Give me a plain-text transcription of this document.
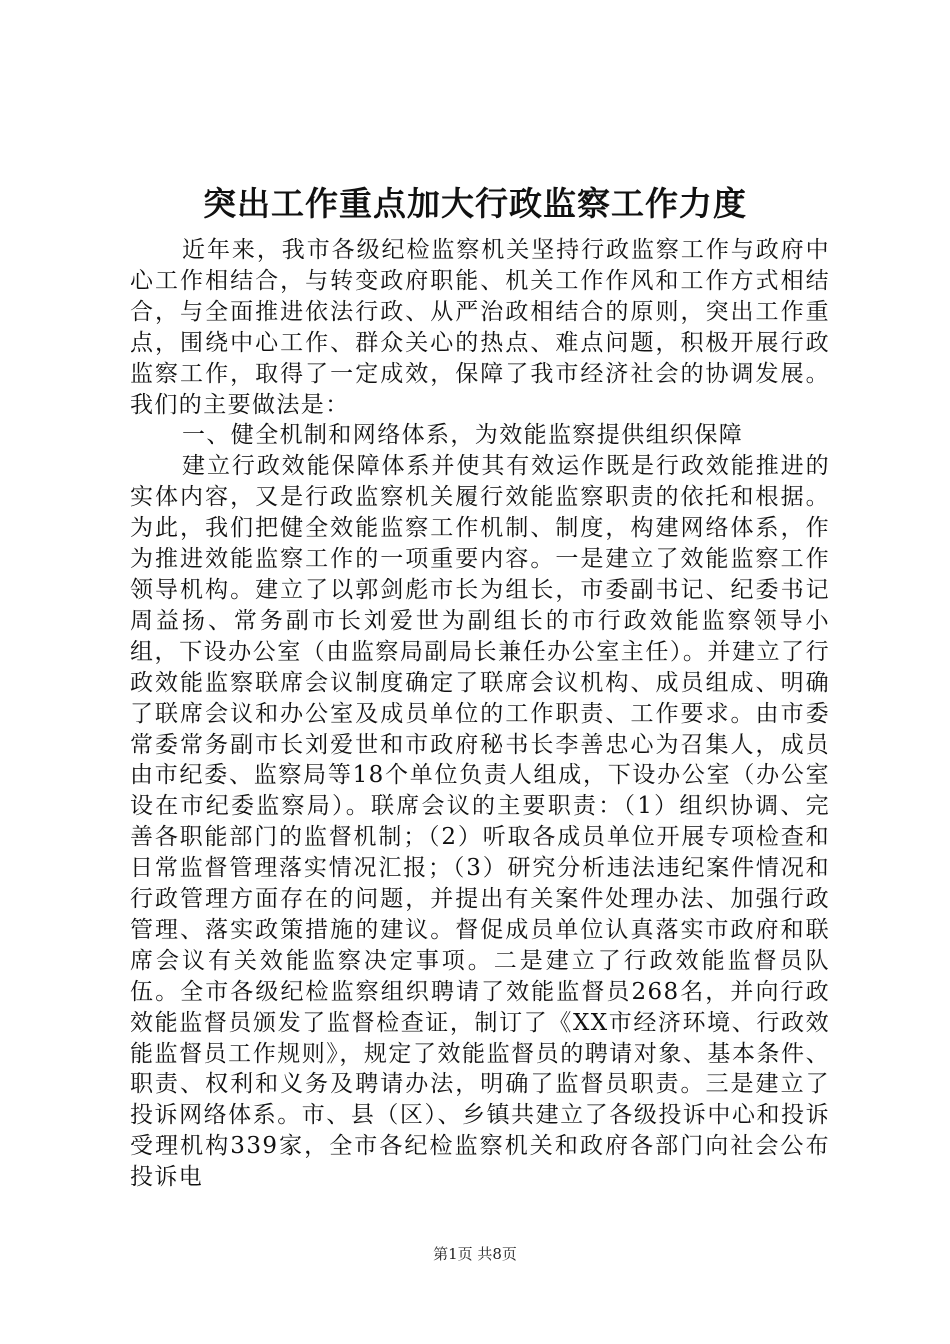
突出工作重点加大行政监察工作力度

近年来，我市各级纪检监察机关坚持行政监察工作与政府中心工作相结合，与转变政府职能、机关工作作风和工作方式相结合，与全面推进依法行政、从严治政相结合的原则，突出工作重点，围绕中心工作、群众关心的热点、难点问题，积极开展行政监察工作，取得了一定成效，保障了我市经济社会的协调发展。我们的主要做法是：

一、健全机制和网络体系，为效能监察提供组织保障

建立行政效能保障体系并使其有效运作既是行政效能推进的实体内容，又是行政监察机关履行效能监察职责的依托和根据。为此，我们把健全效能监察工作机制、制度，构建网络体系，作为推进效能监察工作的一项重要内容。一是建立了效能监察工作领导机构。建立了以郭剑彪市长为组长，市委副书记、纪委书记周益扬、常务副市长刘爱世为副组长的市行政效能监察领导小组，下设办公室（由监察局副局长兼任办公室主任）。并建立了行政效能监察联席会议制度确定了联席会议机构、成员组成、明确了联席会议和办公室及成员单位的工作职责、工作要求。由市委常委常务副市长刘爱世和市政府秘书长李善忠心为召集人，成员由市纪委、监察局等18个单位负责人组成，下设办公室（办公室设在市纪委监察局）。联席会议的主要职责：（1）组织协调、完善各职能部门的监督机制；（2）听取各成员单位开展专项检查和日常监督管理落实情况汇报；（3）研究分析违法违纪案件情况和行政管理方面存在的问题，并提出有关案件处理办法、加强行政管理、落实政策措施的建议。督促成员单位认真落实市政府和联席会议有关效能监察决定事项。二是建立了行政效能监督员队伍。全市各级纪检监察组织聘请了效能监督员268名，并向行政效能监督员颁发了监督检查证，制订了《XX市经济环境、行政效能监督员工作规则》，规定了效能监督员的聘请对象、基本条件、职责、权利和义务及聘请办法，明确了监督员职责。三是建立了投诉网络体系。市、县（区）、乡镇共建立了各级投诉中心和投诉受理机构339家，全市各纪检监察机关和政府各部门向社会公布投诉电

第1页 共8页
